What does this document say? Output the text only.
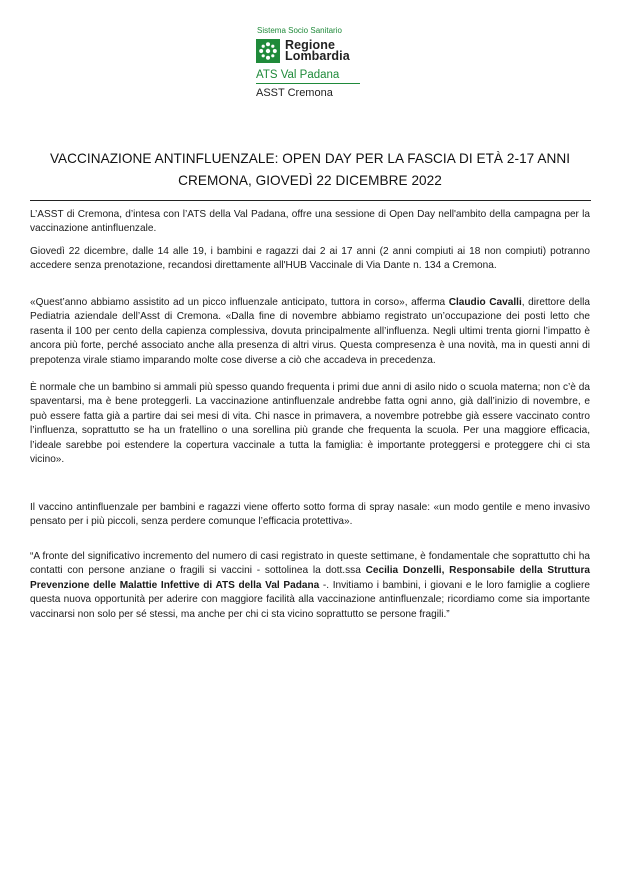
Sistema Socio Sanitario
Regione
Lombardia
ATS Val Padana
ASST Cremona
VACCINAZIONE ANTINFLUENZALE: OPEN DAY PER LA FASCIA DI ETÀ 2-17 ANNI
CREMONA, GIOVEDÌ 22 DICEMBRE 2022

L’ASST di Cremona, d’intesa con l’ATS della Val Padana, offre una sessione di Open Day nell'ambito della campagna per la vaccinazione antinfluenzale.

Giovedì 22 dicembre, dalle 14 alle 19, i bambini e ragazzi dai 2 ai 17 anni (2 anni compiuti ai 18 non compiuti) potranno accedere senza prenotazione, recandosi direttamente all'HUB Vaccinale di Via Dante n. 134 a Cremona.

«Quest’anno abbiamo assistito ad un picco influenzale anticipato, tuttora in corso», afferma Claudio Cavalli, direttore della Pediatria aziendale dell’Asst di Cremona. «Dalla fine di novembre abbiamo registrato un’occupazione dei posti letto che rasenta il 100 per cento della capienza complessiva, dovuta principalmente all’influenza. Negli ultimi trenta giorni l’impatto è ancora più forte, perché associato anche alla presenza di altri virus. Questa compresenza è una novità, ma in questi anni di prepotenza virale stiamo imparando molte cose diverse a ciò che accadeva in precedenza.

È normale che un bambino si ammali più spesso quando frequenta i primi due anni di asilo nido o scuola materna; non c’è da spaventarsi, ma è bene proteggerli. La vaccinazione antinfluenzale andrebbe fatta ogni anno, già dall’inizio di novembre, e può essere fatta già a partire dai sei mesi di vita. Chi nasce in primavera, a novembre potrebbe già essere vaccinato contro l’influenza, soprattutto se ha un fratellino o una sorellina più grande che frequenta la scuola. Per una maggiore efficacia, l’ideale sarebbe poi estendere la copertura vaccinale a tutta la famiglia: è importante proteggersi e proteggere chi ci sta vicino».

Il vaccino antinfluenzale per bambini e ragazzi viene offerto sotto forma di spray nasale: «un modo gentile e meno invasivo pensato per i più piccoli, senza perdere comunque l’efficacia protettiva».

“A fronte del significativo incremento del numero di casi registrato in queste settimane, è fondamentale che soprattutto chi ha contatti con persone anziane o fragili si vaccini - sottolinea la dott.ssa Cecilia Donzelli, Responsabile della Struttura Prevenzione delle Malattie Infettive di ATS della Val Padana -. Invitiamo i bambini, i giovani e le loro famiglie a cogliere questa nuova opportunità per aderire con maggiore facilità alla vaccinazione antinfluenzale; ricordiamo come sia importante vaccinarsi non solo per sé stessi, ma anche per chi ci sta vicino soprattutto se persone fragili.”
